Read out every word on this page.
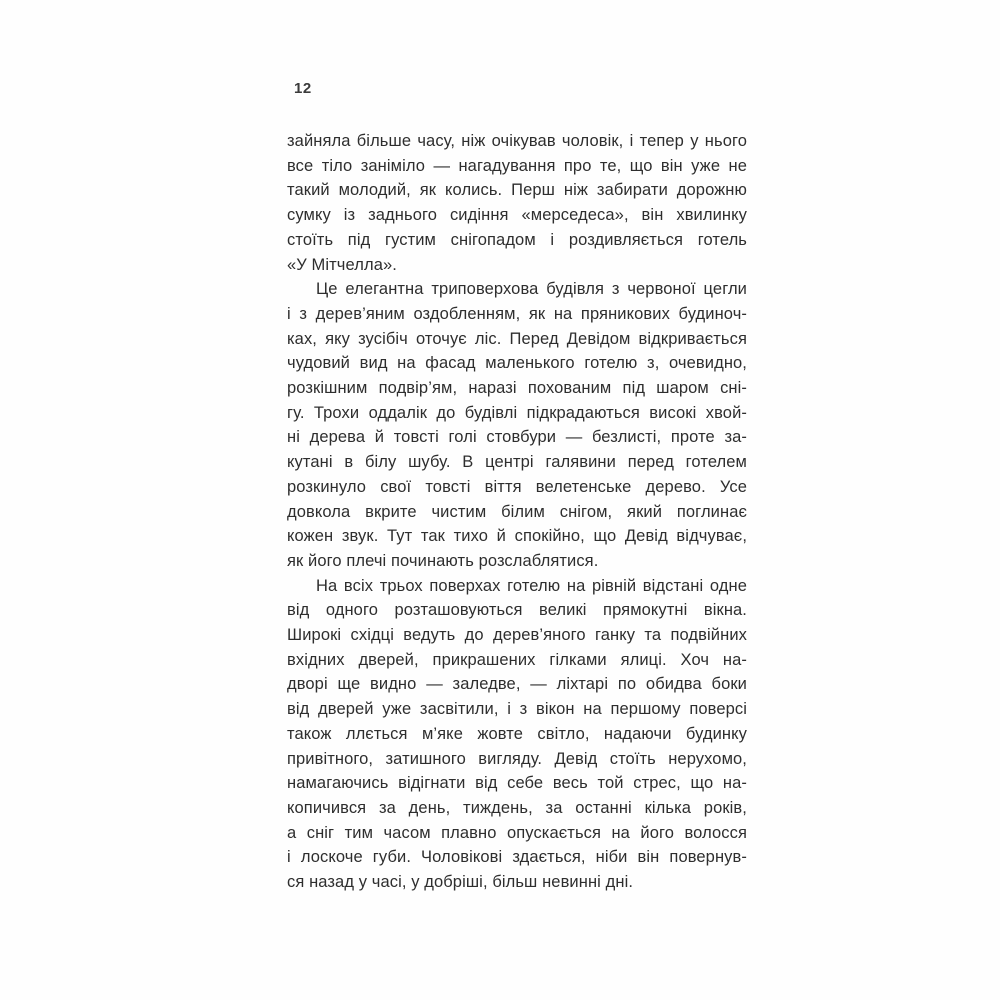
12
зайняла більше часу, ніж очікував чоловік, і тепер у нього
все тіло заніміло — нагадування про те, що він уже не
такий молодий, як колись. Перш ніж забирати дорожню
сумку із заднього сидіння «мерседеса», він хвилинку
стоїть під густим снігопадом і роздивляється готель
«У Мітчелла».
Це елегантна триповерхова будівля з червоної цегли
і з дерев’яним оздобленням, як на пряникових будиноч-
ках, яку зусібіч оточує ліс. Перед Девідом відкривається
чудовий вид на фасад маленького готелю з, очевидно,
розкішним подвір’ям, наразі похованим під шаром сні-
гу. Трохи оддалік до будівлі підкрадаються високі хвой-
ні дерева й товсті голі стовбури — безлисті, проте за-
кутані в білу шубу. В центрі галявини перед готелем
розкинуло свої товсті віття велетенське дерево. Усе
довкола вкрите чистим білим снігом, який поглинає
кожен звук. Тут так тихо й спокійно, що Девід відчуває,
як його плечі починають розслаблятися.
На всіх трьох поверхах готелю на рівній відстані одне
від одного розташовуються великі прямокутні вікна.
Широкі східці ведуть до дерев’яного ганку та подвійних
вхідних дверей, прикрашених гілками ялиці. Хоч на-
дворі ще видно — заледве, — ліхтарі по обидва боки
від дверей уже засвітили, і з вікон на першому поверсі
також ллється м’яке жовте світло, надаючи будинку
привітного, затишного вигляду. Девід стоїть нерухомо,
намагаючись відігнати від себе весь той стрес, що на-
копичився за день, тиждень, за останні кілька років,
а сніг тим часом плавно опускається на його волосся
і лоскоче губи. Чоловікові здається, ніби він повернув-
ся назад у часі, у добріші, більш невинні дні.
